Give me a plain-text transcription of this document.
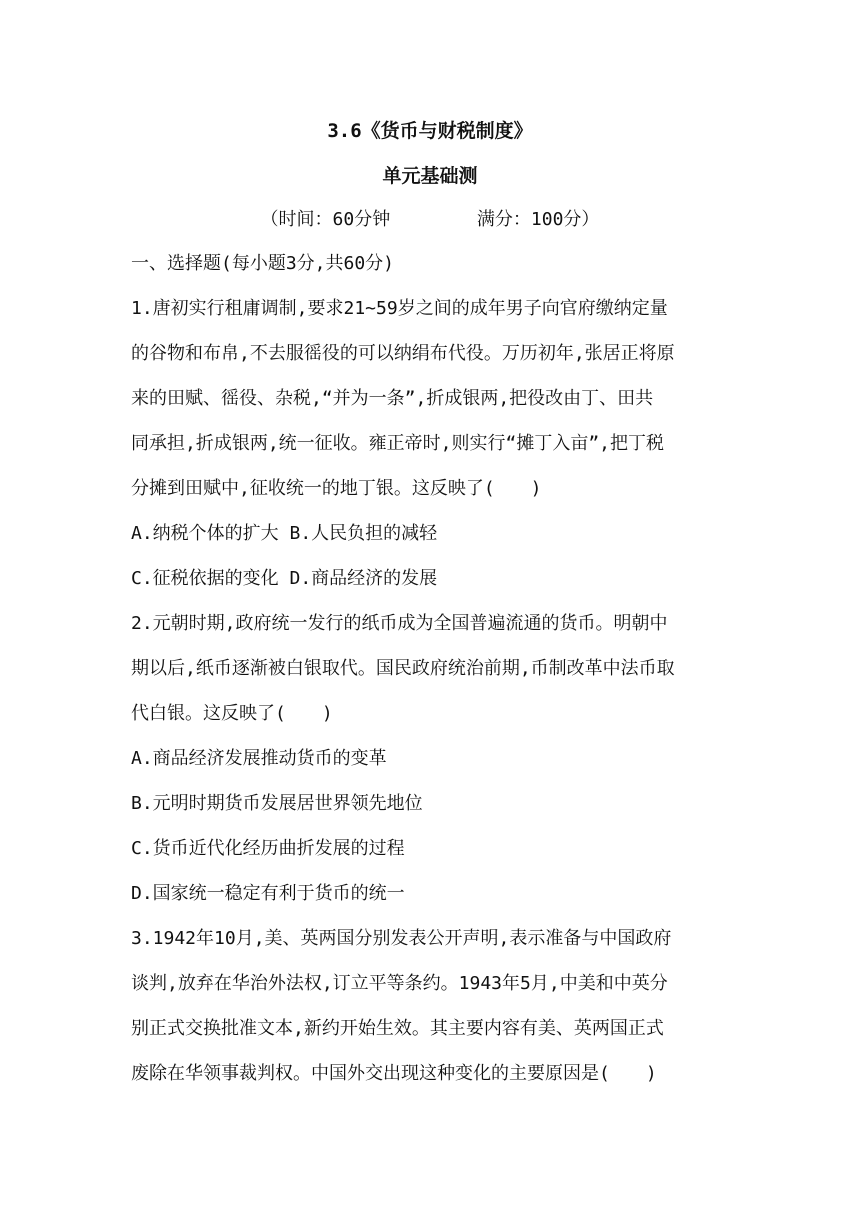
3.6《货币与财税制度》
单元基础测
（时间：60分钟        满分：100分）
一、选择题(每小题3分,共60分)
1.唐初实行租庸调制,要求21~59岁之间的成年男子向官府缴纳定量
的谷物和布帛,不去服徭役的可以纳绢布代役。万历初年,张居正将原
来的田赋、徭役、杂税,“并为一条”,折成银两,把役改由丁、田共
同承担,折成银两,统一征收。雍正帝时,则实行“摊丁入亩”,把丁税
分摊到田赋中,征收统一的地丁银。这反映了(　　)
A.纳税个体的扩大 B.人民负担的减轻
C.征税依据的变化 D.商品经济的发展
2.元朝时期,政府统一发行的纸币成为全国普遍流通的货币。明朝中
期以后,纸币逐渐被白银取代。国民政府统治前期,币制改革中法币取
代白银。这反映了(　　)
A.商品经济发展推动货币的变革
B.元明时期货币发展居世界领先地位
C.货币近代化经历曲折发展的过程
D.国家统一稳定有利于货币的统一
3.1942年10月,美、英两国分别发表公开声明,表示准备与中国政府
谈判,放弃在华治外法权,订立平等条约。1943年5月,中美和中英分
别正式交换批准文本,新约开始生效。其主要内容有美、英两国正式
废除在华领事裁判权。中国外交出现这种变化的主要原因是(　　)
